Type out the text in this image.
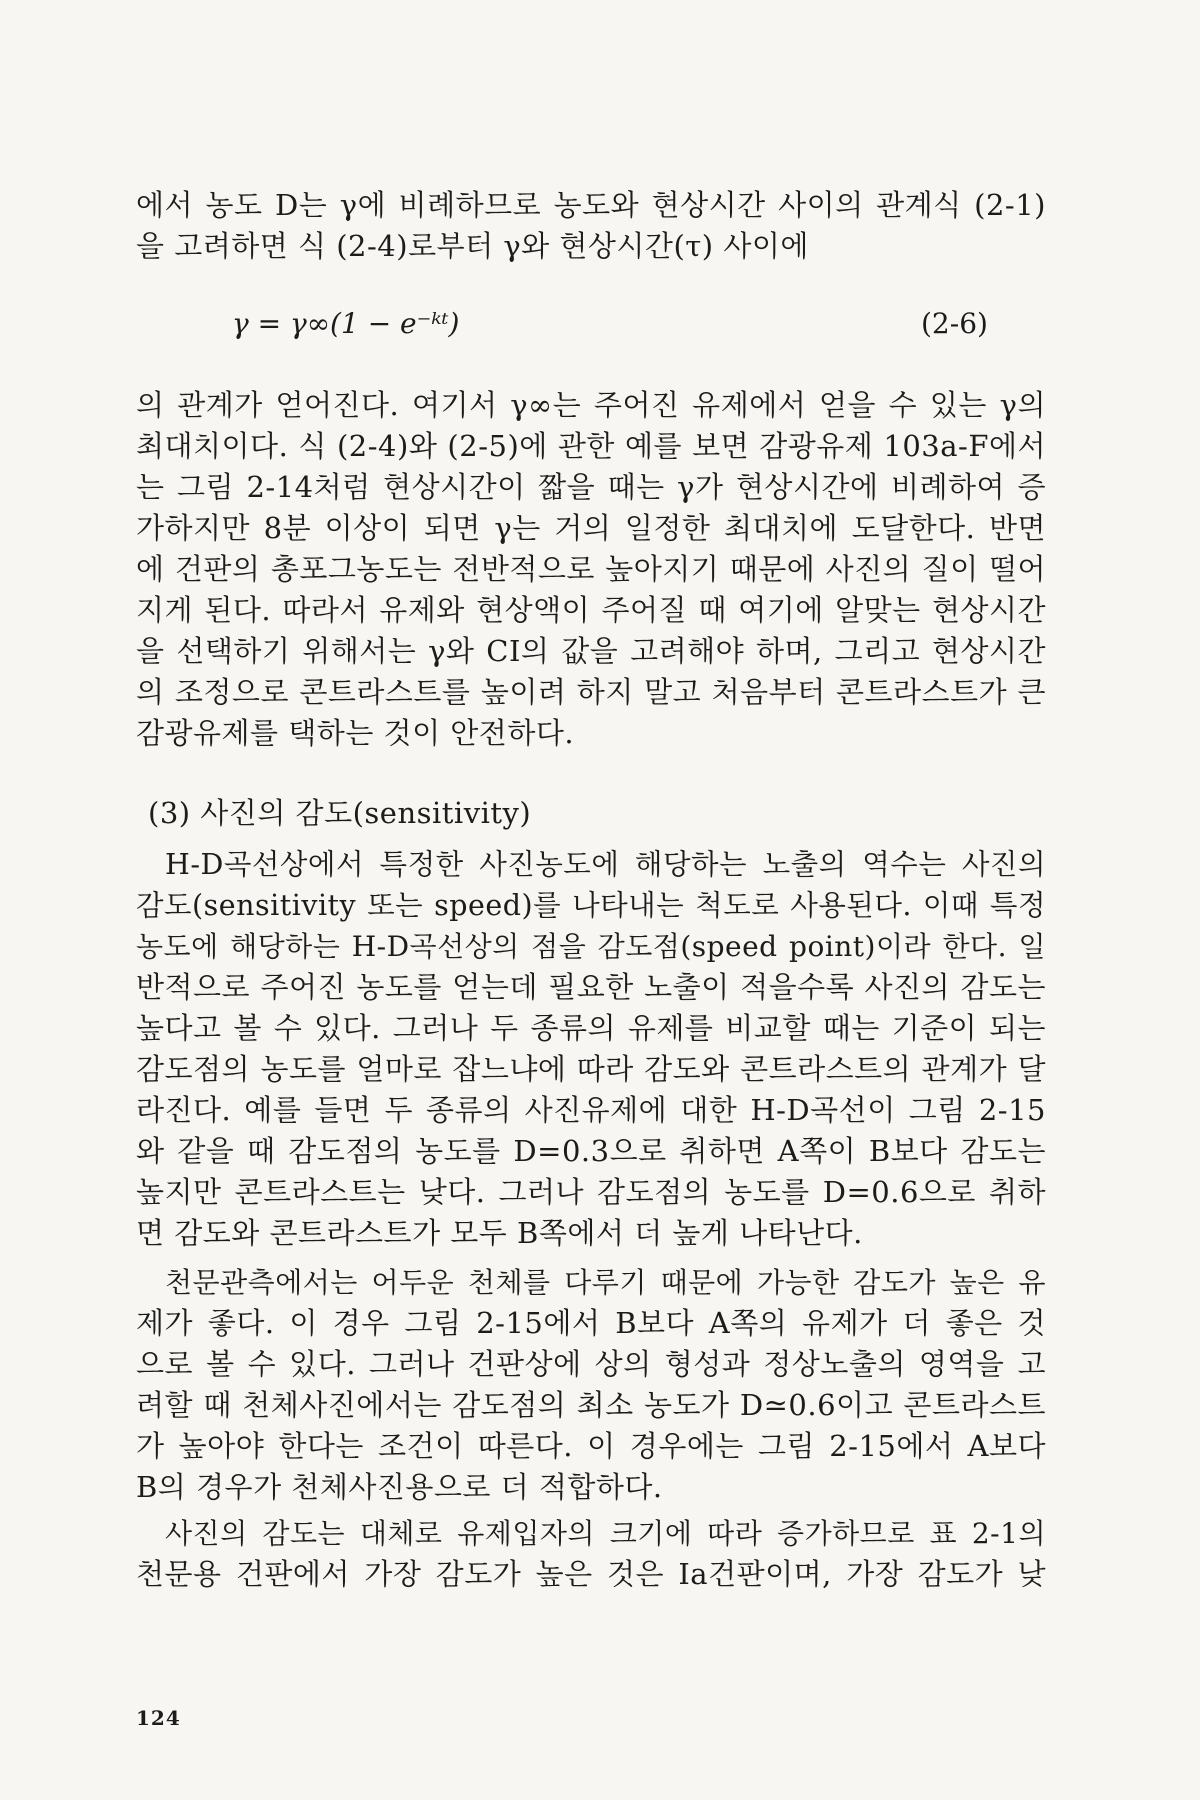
에서 농도 D는 γ에 비례하므로 농도와 현상시간 사이의 관계식 (2-1)
을 고려하면 식 (2-4)로부터 γ와 현상시간(τ) 사이에
γ = γ∞(1 − e⁻ᵏᵗ)	(2-6)
의 관계가 얻어진다. 여기서 γ∞는 주어진 유제에서 얻을 수 있는 γ의
최대치이다. 식 (2-4)와 (2-5)에 관한 예를 보면 감광유제 103a-F에서
는 그림 2-14처럼 현상시간이 짧을 때는 γ가 현상시간에 비례하여 증
가하지만 8분 이상이 되면 γ는 거의 일정한 최대치에 도달한다. 반면
에 건판의 총포그농도는 전반적으로 높아지기 때문에 사진의 질이 떨어
지게 된다. 따라서 유제와 현상액이 주어질 때 여기에 알맞는 현상시간
을 선택하기 위해서는 γ와 CI의 값을 고려해야 하며, 그리고 현상시간
의 조정으로 콘트라스트를 높이려 하지 말고 처음부터 콘트라스트가 큰
감광유제를 택하는 것이 안전하다.
(3) 사진의 감도(sensitivity)
H-D곡선상에서 특정한 사진농도에 해당하는 노출의 역수는 사진의
감도(sensitivity 또는 speed)를 나타내는 척도로 사용된다. 이때 특정
농도에 해당하는 H-D곡선상의 점을 감도점(speed point)이라 한다. 일
반적으로 주어진 농도를 얻는데 필요한 노출이 적을수록 사진의 감도는
높다고 볼 수 있다. 그러나 두 종류의 유제를 비교할 때는 기준이 되는
감도점의 농도를 얼마로 잡느냐에 따라 감도와 콘트라스트의 관계가 달
라진다. 예를 들면 두 종류의 사진유제에 대한 H-D곡선이 그림 2-15
와 같을 때 감도점의 농도를 D=0.3으로 취하면 A쪽이 B보다 감도는
높지만 콘트라스트는 낮다. 그러나 감도점의 농도를 D=0.6으로 취하
면 감도와 콘트라스트가 모두 B쪽에서 더 높게 나타난다.
천문관측에서는 어두운 천체를 다루기 때문에 가능한 감도가 높은 유
제가 좋다. 이 경우 그림 2-15에서 B보다 A쪽의 유제가 더 좋은 것
으로 볼 수 있다. 그러나 건판상에 상의 형성과 정상노출의 영역을 고
려할 때 천체사진에서는 감도점의 최소 농도가 D≃0.6이고 콘트라스트
가 높아야 한다는 조건이 따른다. 이 경우에는 그림 2-15에서 A보다
B의 경우가 천체사진용으로 더 적합하다.
사진의 감도는 대체로 유제입자의 크기에 따라 증가하므로 표 2-1의
천문용 건판에서 가장 감도가 높은 것은 Ia건판이며, 가장 감도가 낮
124
